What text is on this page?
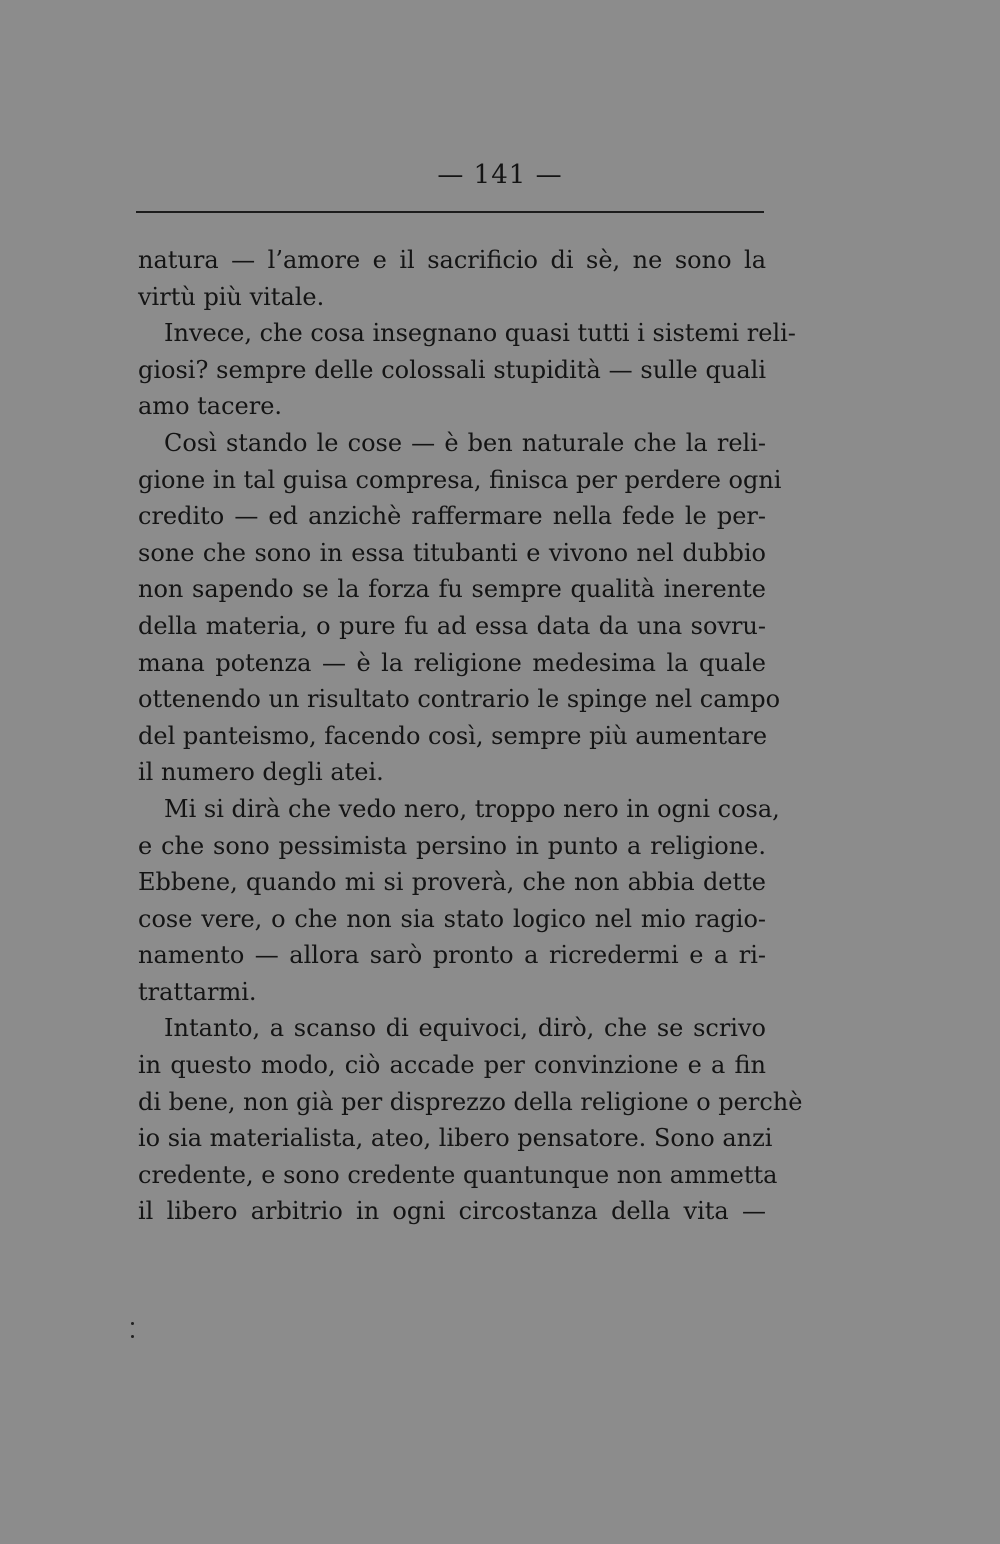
— 141 —
natura — l’amore e il sacrificio di sè, ne sono la
virtù più vitale.
Invece, che cosa insegnano quasi tutti i sistemi reli-
giosi? sempre delle colossali stupidità — sulle quali
amo tacere.
Così stando le cose — è ben naturale che la reli-
gione in tal guisa compresa, finisca per perdere ogni
credito — ed anzichè raffermare nella fede le per-
sone che sono in essa titubanti e vivono nel dubbio
non sapendo se la forza fu sempre qualità inerente
della materia, o pure fu ad essa data da una sovru-
mana potenza — è la religione medesima la quale
ottenendo un risultato contrario le spinge nel campo
del panteismo, facendo così, sempre più aumentare
il numero degli atei.
Mi si dirà che vedo nero, troppo nero in ogni cosa,
e che sono pessimista persino in punto a religione.
Ebbene, quando mi si proverà, che non abbia dette
cose vere, o che non sia stato logico nel mio ragio-
namento — allora sarò pronto a ricredermi e a ri-
trattarmi.
Intanto, a scanso di equivoci, dirò, che se scrivo
in questo modo, ciò accade per convinzione e a fin
di bene, non già per disprezzo della religione o perchè
io sia materialista, ateo, libero pensatore. Sono anzi
credente, e sono credente quantunque non ammetta
il libero arbitrio in ogni circostanza della vita —
